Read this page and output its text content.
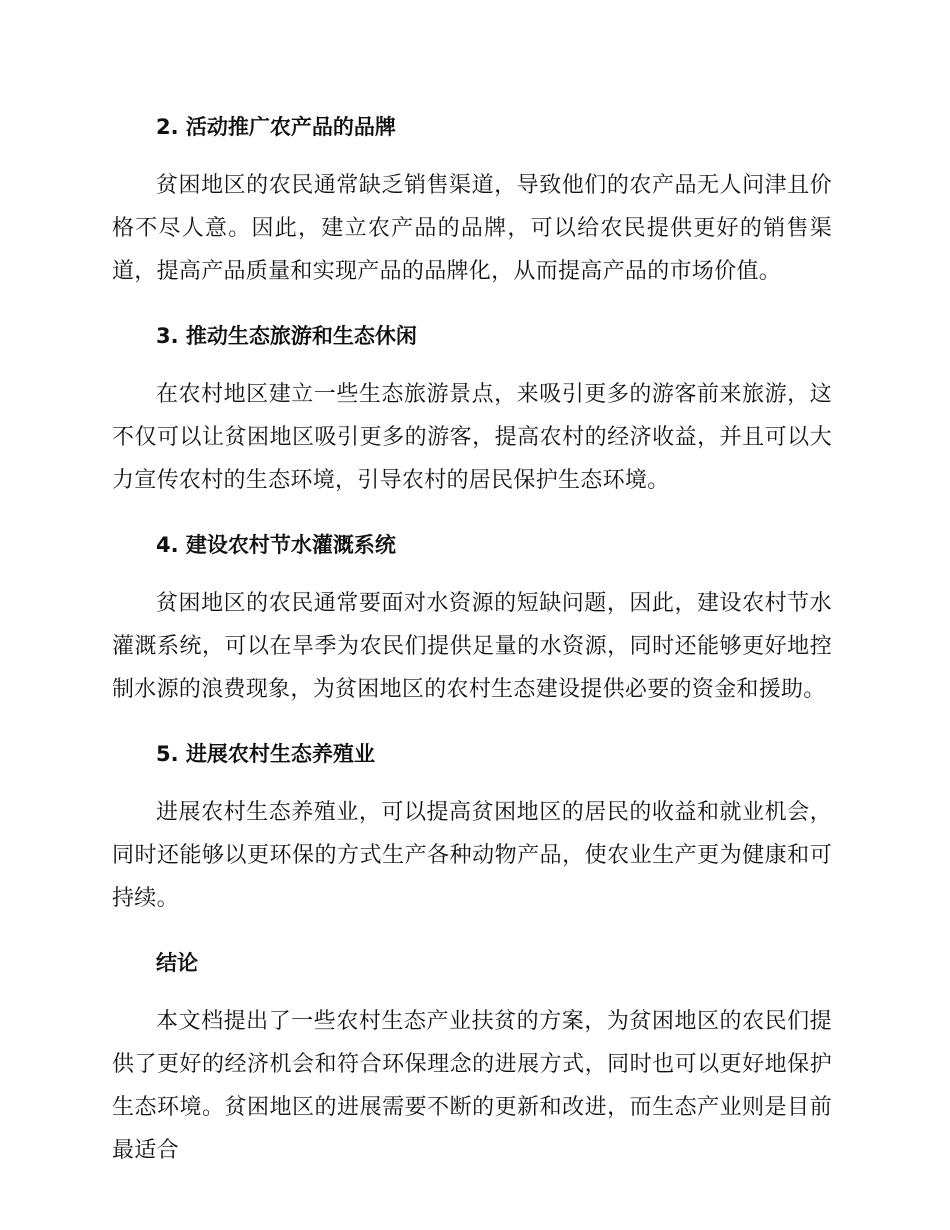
2. 活动推广农产品的品牌

贫困地区的农民通常缺乏销售渠道，导致他们的农产品无人问津且价格不尽人意。因此，建立农产品的品牌，可以给农民提供更好的销售渠道，提高产品质量和实现产品的品牌化，从而提高产品的市场价值。

3. 推动生态旅游和生态休闲

在农村地区建立一些生态旅游景点，来吸引更多的游客前来旅游，这不仅可以让贫困地区吸引更多的游客，提高农村的经济收益，并且可以大力宣传农村的生态环境，引导农村的居民保护生态环境。

4. 建设农村节水灌溉系统

贫困地区的农民通常要面对水资源的短缺问题，因此，建设农村节水灌溉系统，可以在旱季为农民们提供足量的水资源，同时还能够更好地控制水源的浪费现象，为贫困地区的农村生态建设提供必要的资金和援助。

5. 进展农村生态养殖业

进展农村生态养殖业，可以提高贫困地区的居民的收益和就业机会，同时还能够以更环保的方式生产各种动物产品，使农业生产更为健康和可持续。

结论

本文档提出了一些农村生态产业扶贫的方案，为贫困地区的农民们提供了更好的经济机会和符合环保理念的进展方式，同时也可以更好地保护生态环境。贫困地区的进展需要不断的更新和改进，而生态产业则是目前最适合
